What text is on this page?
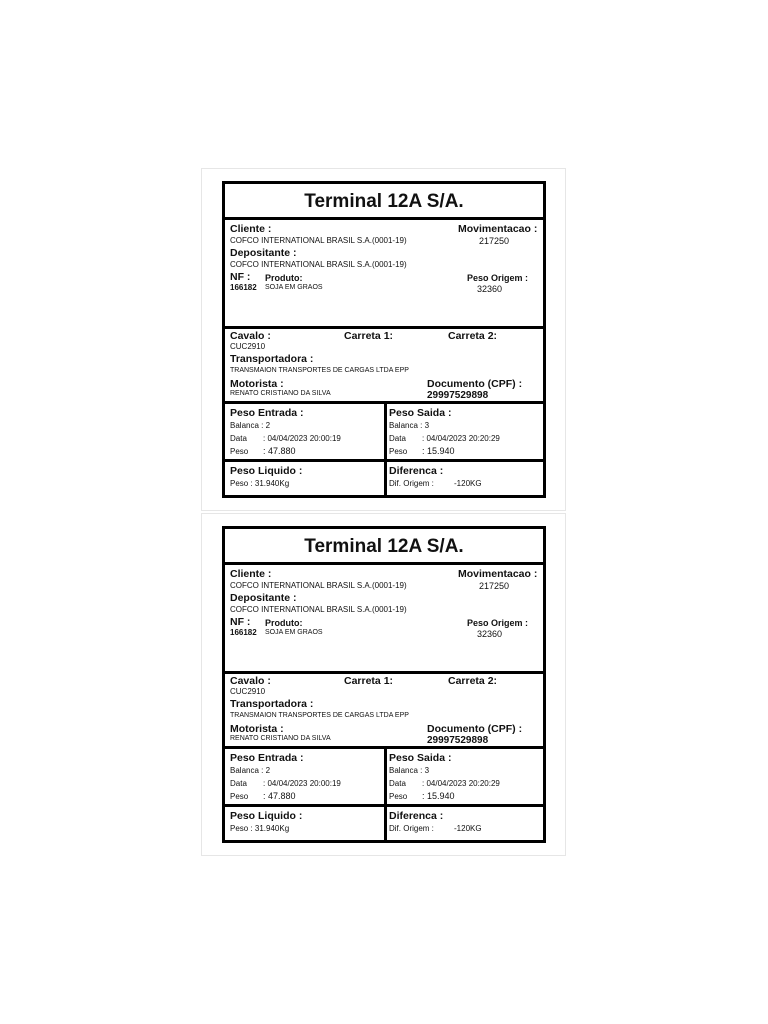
Terminal 12A S/A.
Cliente :
COFCO INTERNATIONAL BRASIL S.A.(0001-19)
Movimentacao :
217250
Depositante :
COFCO INTERNATIONAL BRASIL S.A.(0001-19)
NF : Produto:
166182 SOJA EM GRAOS
Peso Origem :
32360
Cavalo :	Carreta 1:	Carreta 2:
CUC2910
Transportadora :
TRANSMAION TRANSPORTES DE CARGAS LTDA EPP
Motorista :
RENATO CRISTIANO DA SILVA
Documento (CPF) :
29997529898
Peso Entrada :
Balanca : 2
Data : 04/04/2023 20:00:19
Peso : 47.880
Peso Saida :
Balanca : 3
Data : 04/04/2023 20:20:29
Peso : 15.940
Peso Liquido :
Peso : 31.940Kg
Diferenca :
Dif. Origem :	-120KG
Terminal 12A S/A.
Cliente :
COFCO INTERNATIONAL BRASIL S.A.(0001-19)
Movimentacao :
217250
Depositante :
COFCO INTERNATIONAL BRASIL S.A.(0001-19)
NF : Produto:
166182 SOJA EM GRAOS
Peso Origem :
32360
Cavalo :	Carreta 1:	Carreta 2:
CUC2910
Transportadora :
TRANSMAION TRANSPORTES DE CARGAS LTDA EPP
Motorista :
RENATO CRISTIANO DA SILVA
Documento (CPF) :
29997529898
Peso Entrada :
Balanca : 2
Data : 04/04/2023 20:00:19
Peso : 47.880
Peso Saida :
Balanca : 3
Data : 04/04/2023 20:20:29
Peso : 15.940
Peso Liquido :
Peso : 31.940Kg
Diferenca :
Dif. Origem :	-120KG
